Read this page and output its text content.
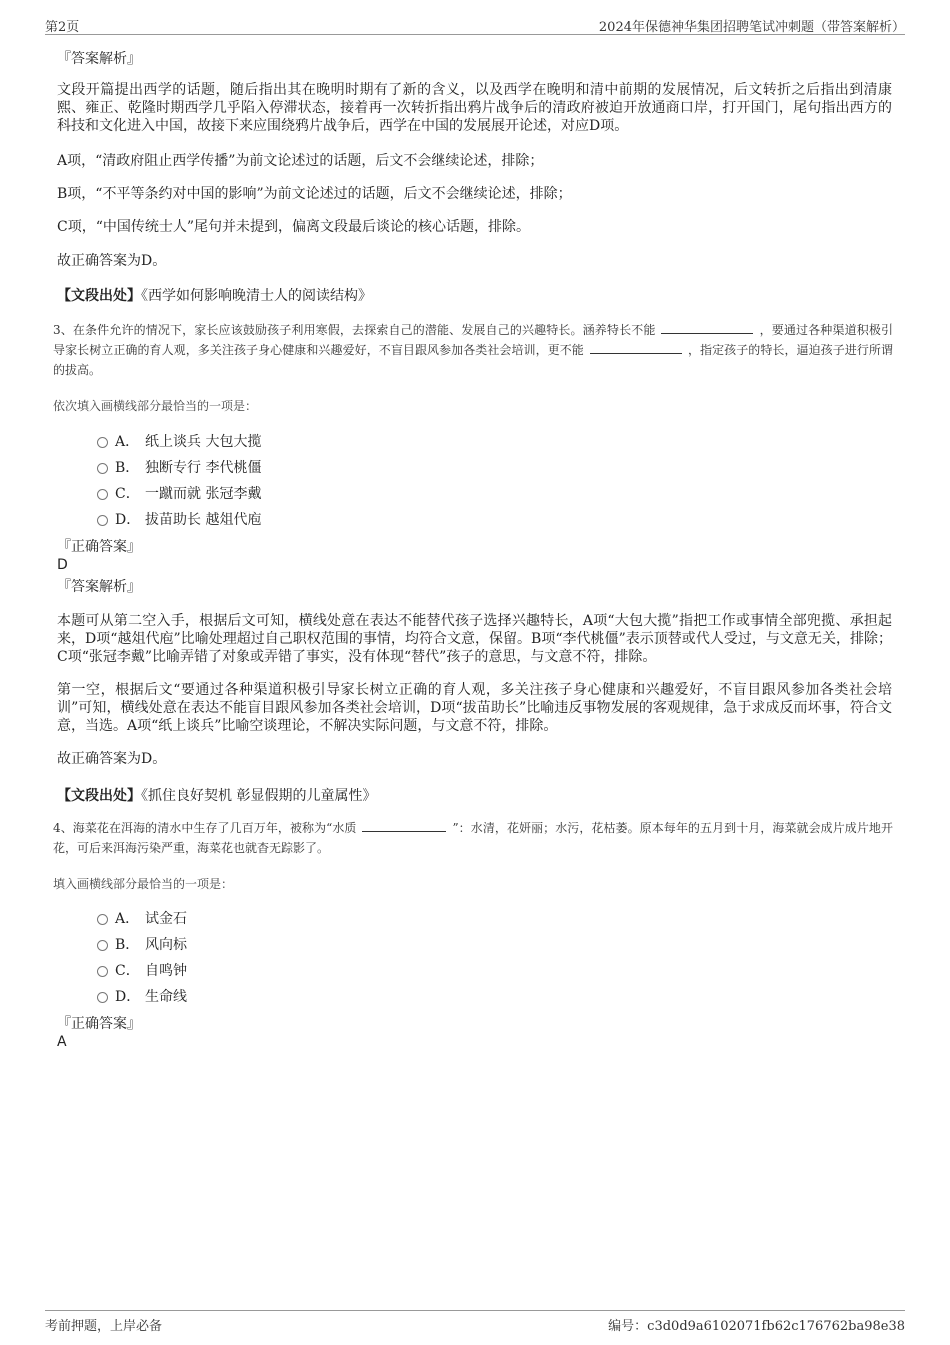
第2页	2024年保德神华集团招聘笔试冲刺题（带答案解析）
『答案解析』
文段开篇提出西学的话题，随后指出其在晚明时期有了新的含义，以及西学在晚明和清中前期的发展情况，后文转折之后指出到清康熙、雍正、乾隆时期西学几乎陷入停滞状态，接着再一次转折指出鸦片战争后的清政府被迫开放通商口岸，打开国门，尾句指出西方的科技和文化进入中国，故接下来应围绕鸦片战争后，西学在中国的发展展开论述，对应D项。
A项，“清政府阻止西学传播”为前文论述过的话题，后文不会继续论述，排除；
B项，“不平等条约对中国的影响”为前文论述过的话题，后文不会继续论述，排除；
C项，“中国传统士人”尾句并未提到，偏离文段最后谈论的核心话题，排除。
故正确答案为D。
【文段出处】《西学如何影响晚清士人的阅读结构》
3、在条件允许的情况下，家长应该鼓励孩子利用寒假，去探索自己的潜能、发展自己的兴趣特长。涵养特长不能	，要通过各种渠道积极引导家长树立正确的育人观，多关注孩子身心健康和兴趣爱好，不盲目跟风参加各类社会培训，更不能	，指定孩子的特长，逼迫孩子进行所谓的拔高。
依次填入画横线部分最恰当的一项是：
A． 纸上谈兵 大包大揽
B． 独断专行 李代桃僵
C． 一蹴而就 张冠李戴
D． 拔苗助长 越俎代庖
『正确答案』
D
『答案解析』
本题可从第二空入手，根据后文可知，横线处意在表达不能替代孩子选择兴趣特长，A项“大包大揽”指把工作或事情全部兜揽、承担起来，D项“越俎代庖”比喻处理超过自己职权范围的事情，均符合文意，保留。B项“李代桃僵”表示顶替或代人受过，与文意无关，排除；C项“张冠李戴”比喻弄错了对象或弄错了事实，没有体现“替代”孩子的意思，与文意不符，排除。
第一空，根据后文“要通过各种渠道积极引导家长树立正确的育人观，多关注孩子身心健康和兴趣爱好，不盲目跟风参加各类社会培训”可知，横线处意在表达不能盲目跟风参加各类社会培训，D项“拔苗助长”比喻违反事物发展的客观规律，急于求成反而坏事，符合文意，当选。A项“纸上谈兵”比喻空谈理论，不解决实际问题，与文意不符，排除。
故正确答案为D。
【文段出处】《抓住良好契机 彰显假期的儿童属性》
4、海菜花在洱海的清水中生存了几百万年，被称为“水质	”：水清，花妍丽；水污，花枯萎。原本每年的五月到十月，海菜就会成片成片地开花，可后来洱海污染严重，海菜花也就杳无踪影了。
填入画横线部分最恰当的一项是：
A． 试金石
B． 风向标
C． 自鸣钟
D． 生命线
『正确答案』
A
考前押题，上岸必备	编号：c3d0d9a6102071fb62c176762ba98e38
